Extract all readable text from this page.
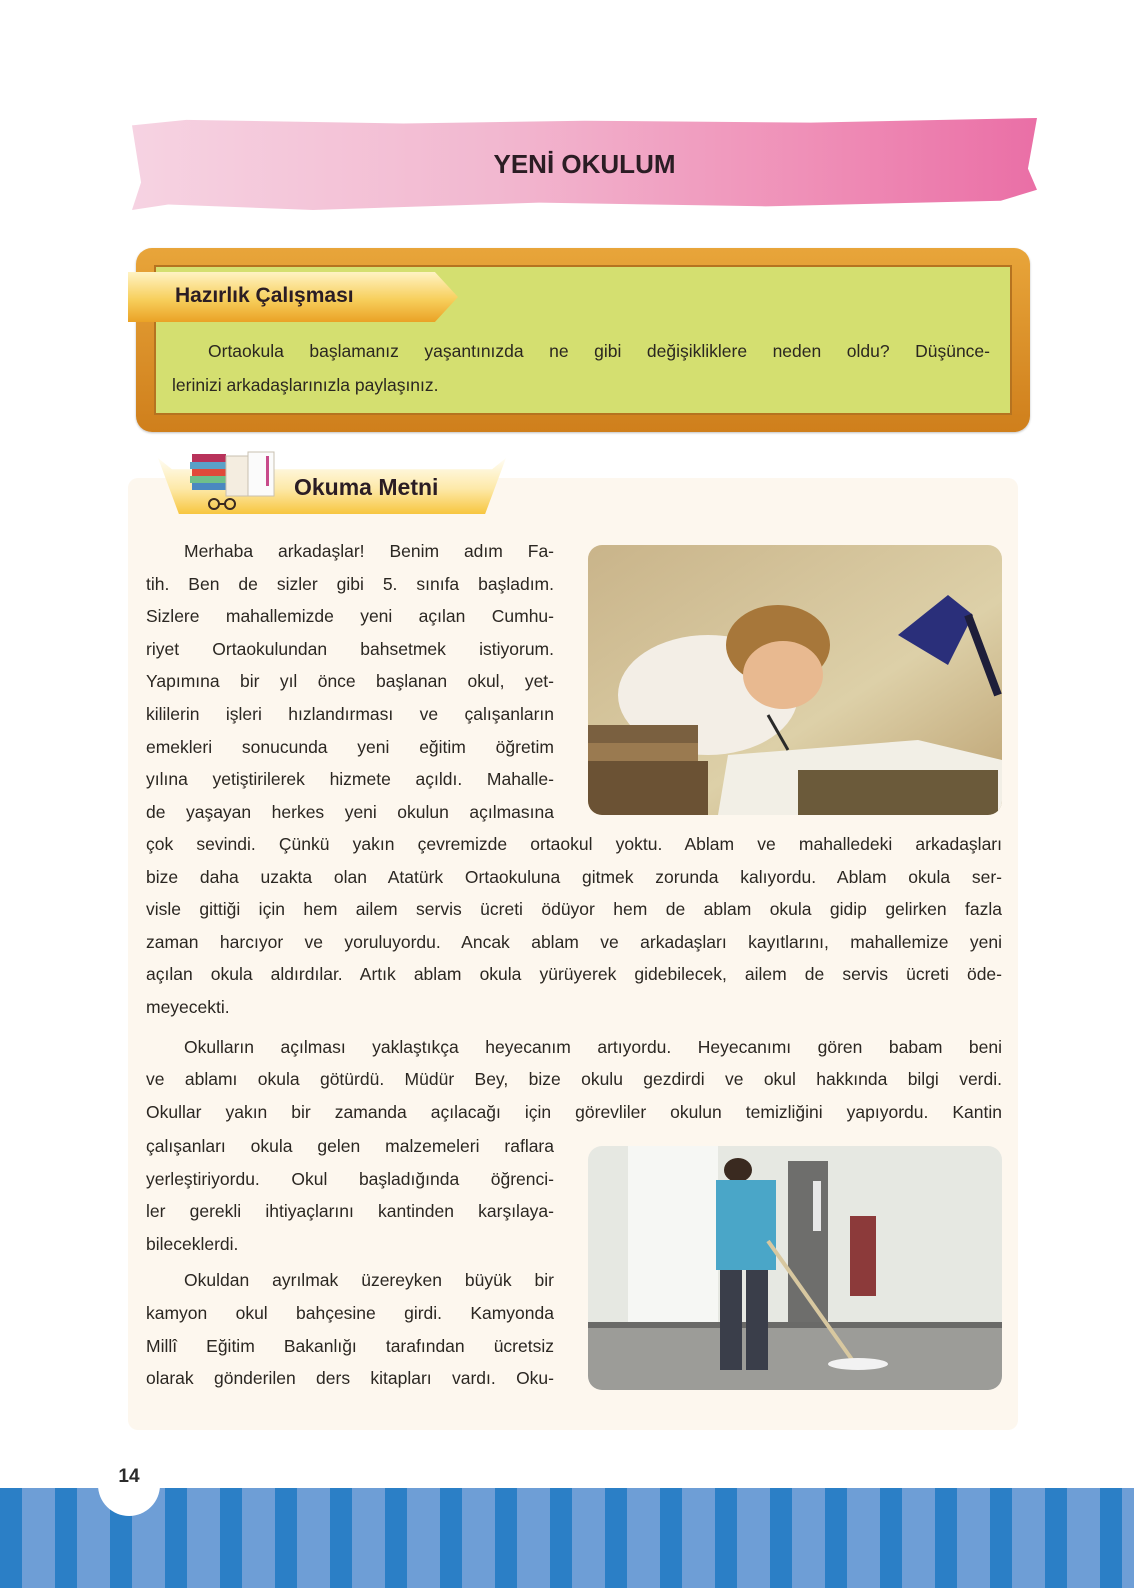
YENİ OKULUM
Hazırlık Çalışması
Ortaokula başlamanız yaşantınızda ne gibi değişikliklere neden oldu? Düşünce-
lerinizi arkadaşlarınızla paylaşınız.
Okuma Metni
Merhaba arkadaşlar! Benim adım Fa-
tih. Ben de sizler gibi 5. sınıfa başladım.
Sizlere mahallemizde yeni açılan Cumhu-
riyet Ortaokulundan bahsetmek istiyorum.
Yapımına bir yıl önce başlanan okul, yet-
kililerin işleri hızlandırması ve çalışanların
emekleri sonucunda yeni eğitim öğretim
yılına yetiştirilerek hizmete açıldı. Mahalle-
de yaşayan herkes yeni okulun açılmasına
çok sevindi. Çünkü yakın çevremizde ortaokul yoktu. Ablam ve mahalledeki arkadaşları
bize daha uzakta olan Atatürk Ortaokuluna gitmek zorunda kalıyordu. Ablam okula ser-
visle gittiği için hem ailem servis ücreti ödüyor hem de ablam okula gidip gelirken fazla
zaman harcıyor ve yoruluyordu. Ancak ablam ve arkadaşları kayıtlarını, mahallemize yeni
açılan okula aldırdılar. Artık ablam okula yürüyerek gidebilecek, ailem de servis ücreti öde-
meyecekti.
Okulların açılması yaklaştıkça heyecanım artıyordu. Heyecanımı gören babam beni
ve ablamı okula götürdü. Müdür Bey, bize okulu gezdirdi ve okul hakkında bilgi verdi.
Okullar yakın bir zamanda açılacağı için görevliler okulun temizliğini yapıyordu. Kantin
çalışanları okula gelen malzemeleri raflara
yerleştiriyordu. Okul başladığında öğrenci-
ler gerekli ihtiyaçlarını kantinden karşılaya-
bileceklerdi.
Okuldan ayrılmak üzereyken büyük bir
kamyon okul bahçesine girdi. Kamyonda
Millî Eğitim Bakanlığı tarafından ücretsiz
olarak gönderilen ders kitapları vardı. Oku-
14
